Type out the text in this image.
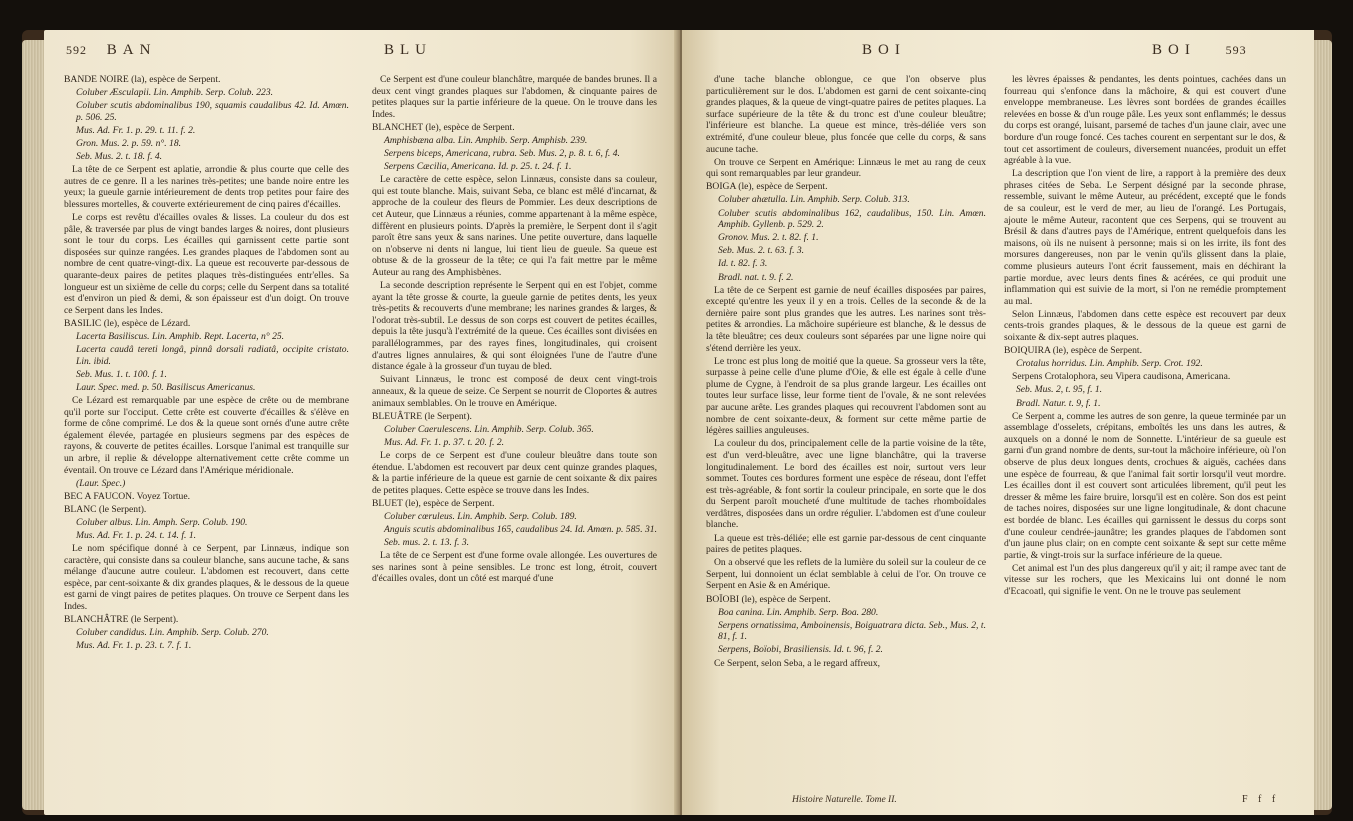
592 BAN	BLU

BANDE NOIRE (la), espèce de Serpent.

Coluber Æsculapii. Lin. Amphib. Serp. Colub. 223.

Coluber scutis abdominalibus 190, squamis caudalibus 42. Id. Amœn. p. 506. 25.

Mus. Ad. Fr. 1. p. 29. t. 11. f. 2.

Gron. Mus. 2. p. 59. n°. 18.

Seb. Mus. 2. t. 18. f. 4.

La tête de ce Serpent est aplatie, arrondie & plus courte que celle des autres de ce genre. Il a les narines très-petites; une bande noire entre les yeux; la gueule garnie intérieurement de dents trop petites pour faire des blessures mortelles, & couverte extérieurement de cinq paires d'écailles.

Le corps est revêtu d'écailles ovales & lisses. La couleur du dos est pâle, & traversée par plus de vingt bandes larges & noires, dont plusieurs sont le tour du corps. Les écailles qui garnissent cette partie sont disposées sur quinze rangées. Les grandes plaques de l'abdomen sont au nombre de cent quatre-vingt-dix. La queue est recouverte par-dessous de quarante-deux paires de petites plaques très-distinguées entr'elles. Sa longueur est un sixième de celle du corps; celle du Serpent dans sa totalité est d'environ un pied & demi, & son épaisseur est d'un doigt. On trouve ce Serpent dans les Indes.

BASILIC (le), espèce de Lézard.

Lacerta Basiliscus. Lin. Amphib. Rept. Lacerta, n° 25.

Lacerta caudâ tereti longâ, pinnâ dorsali radiatâ, occipite cristato. Lin. ibid.

Seb. Mus. 1. t. 100. f. 1.

Laur. Spec. med. p. 50. Basiliscus Americanus.

Ce Lézard est remarquable par une espèce de crête ou de membrane qu'il porte sur l'occiput. Cette crête est couverte d'écailles & s'élève en forme de cône comprimé. Le dos & la queue sont ornés d'une autre crête également élevée, partagée en plusieurs segmens par des espèces de rayons, & couverte de petites écailles. Lorsque l'animal est tranquille sur un arbre, il replie & développe alternativement cette crête comme un éventail. On trouve ce Lézard dans l'Amérique méridionale.

(Laur. Spec.)

BEC A FAUCON. Voyez Tortue.

BLANC (le Serpent).

Coluber albus. Lin. Amph. Serp. Colub. 190.

Mus. Ad. Fr. 1. p. 24. t. 14. f. 1.

Le nom spécifique donné à ce Serpent, par Linnæus, indique son caractère, qui consiste dans sa couleur blanche, sans aucune tache, & sans mélange d'aucune autre couleur. L'abdomen est recouvert, dans cette espèce, par cent-soixante & dix grandes plaques, & le dessous de la queue est garni de vingt paires de petites plaques. On trouve ce Serpent dans les Indes.

BLANCHÂTRE (le Serpent).

Coluber candidus. Lin. Amphib. Serp. Colub. 270.

Mus. Ad. Fr. 1. p. 23. t. 7. f. 1.

Ce Serpent est d'une couleur blanchâtre, marquée de bandes brunes. Il a deux cent vingt grandes plaques sur l'abdomen, & cinquante paires de petites plaques sur la partie inférieure de la queue. On le trouve dans les Indes.

BLANCHET (le), espèce de Serpent.

Amphisbæna alba. Lin. Amphib. Serp. Amphisb. 239.

Serpens biceps, Americana, rubra. Seb. Mus. 2, p. 8. t. 6, f. 4.

Serpens Cæcilia, Americana. Id. p. 25. t. 24. f. 1.

Le caractère de cette espèce, selon Linnæus, consiste dans sa couleur, qui est toute blanche. Mais, suivant Seba, ce blanc est mêlé d'incarnat, & approche de la couleur des fleurs de Pommier. Les deux descriptions de cet Auteur, que Linnæus a réunies, comme appartenant à la même espèce, diffèrent en plusieurs points. D'après la première, le Serpent dont il s'agit paroît être sans yeux & sans narines. Une petite ouverture, dans laquelle on n'observe ni dents ni langue, lui tient lieu de gueule. Sa queue est obtuse & de la grosseur de la tête; ce qui l'a fait mettre par le même Auteur au rang des Amphisbènes.

La seconde description représente le Serpent qui en est l'objet, comme ayant la tête grosse & courte, la gueule garnie de petites dents, les yeux très-petits & recouverts d'une membrane; les narines grandes & larges, & l'odorat très-subtil. Le dessus de son corps est couvert de petites écailles, depuis la tête jusqu'à l'extrémité de la queue. Ces écailles sont divisées en parallélogrammes, par des rayes fines, longitudinales, qui croisent d'autres lignes annulaires, & qui sont éloignées l'une de l'autre d'une distance égale à la grosseur d'un tuyau de bled.

Suivant Linnæus, le tronc est composé de deux cent vingt-trois anneaux, & la queue de seize. Ce Serpent se nourrit de Cloportes & autres animaux semblables. On le trouve en Amérique.

BLEUÂTRE (le Serpent).

Coluber Caerulescens. Lin. Amphib. Serp. Colub. 365.

Mus. Ad. Fr. 1. p. 37. t. 20. f. 2.

Le corps de ce Serpent est d'une couleur bleuâtre dans toute son étendue. L'abdomen est recouvert par deux cent quinze grandes plaques, & la partie inférieure de la queue est garnie de cent soixante & dix paires de petites plaques. Cette espèce se trouve dans les Indes.

BLUET (le), espèce de Serpent.

Coluber cœruleus. Lin. Amphib. Serp. Colub. 189.

Anguis scutis abdominalibus 165, caudalibus 24. Id. Amœn. p. 585. 31.

Seb. mus. 2. t. 13. f. 3.

La tête de ce Serpent est d'une forme ovale allongée. Les ouvertures de ses narines sont à peine sensibles. Le tronc est long, étroit, couvert d'écailles ovales, dont un côté est marqué d'une

BOI	BOI 593

d'une tache blanche oblongue, ce que l'on observe plus particulièrement sur le dos. L'abdomen est garni de cent soixante-cinq grandes plaques, & la queue de vingt-quatre paires de petites plaques. La surface supérieure de la tête & du tronc est d'une couleur bleuâtre; l'inférieure est blanche. La queue est mince, très-déliée vers son extrémité, d'une couleur bleue, plus foncée que celle du corps, & sans aucune tache.

On trouve ce Serpent en Amérique: Linnæus le met au rang de ceux qui sont remarquables par leur grandeur.

BOIGA (le), espèce de Serpent.

Coluber ahætulla. Lin. Amphib. Serp. Colub. 313.

Coluber scutis abdominalibus 162, caudalibus, 150. Lin. Amœn. Amphib. Gyllenb. p. 529. 2.

Gronov. Mus. 2. t. 82. f. 1.

Seb. Mus. 2. t. 63. f. 3.

Id. t. 82. f. 3.

Bradl. nat. t. 9. f. 2.

La tête de ce Serpent est garnie de neuf écailles disposées par paires, excepté qu'entre les yeux il y en a trois. Celles de la seconde & de la dernière paire sont plus grandes que les autres. Les narines sont très-petites & arrondies. La mâchoire supérieure est blanche, & le dessus de la tête bleuâtre; ces deux couleurs sont séparées par une ligne noire qui s'étend derrière les yeux.

Le tronc est plus long de moitié que la queue. Sa grosseur vers la tête, surpasse à peine celle d'une plume d'Oie, & elle est égale à celle d'une plume de Cygne, à l'endroit de sa plus grande largeur. Les écailles ont toutes leur surface lisse, leur forme tient de l'ovale, & ne sont relevées par aucune arête. Les grandes plaques qui recouvrent l'abdomen sont au nombre de cent soixante-deux, & forment sur cette même partie de légères saillies anguleuses.

La couleur du dos, principalement celle de la partie voisine de la tête, est d'un verd-bleuâtre, avec une ligne blanchâtre, qui la traverse longitudinalement. Le bord des écailles est noir, surtout vers leur sommet. Toutes ces bordures forment une espèce de réseau, dont l'effet est très-agréable, & font sortir la couleur principale, en sorte que le dos du Serpent paroît moucheté d'une multitude de taches rhomboïdales verdâtres, disposées dans un ordre régulier. L'abdomen est d'une couleur blanche.

La queue est très-déliée; elle est garnie par-dessous de cent cinquante paires de petites plaques.

On a observé que les reflets de la lumière du soleil sur la couleur de ce Serpent, lui donnoient un éclat semblable à celui de l'or. On trouve ce Serpent en Asie & en Amérique.

BOÏOBI (le), espèce de Serpent.

Boa canina. Lin. Amphib. Serp. Boa. 280.

Serpens ornatissima, Amboinensis, Boiguatrara dicta. Seb., Mus. 2, t. 81, f. 1.

Serpens, Boïobi, Brasiliensis. Id. t. 96, f. 2.

Ce Serpent, selon Seba, a le regard affreux,

les lèvres épaisses & pendantes, les dents pointues, cachées dans un fourreau qui s'enfonce dans la mâchoire, & qui est couvert d'une enveloppe membraneuse. Les lèvres sont bordées de grandes écailles relevées en bosse & d'un rouge pâle. Les yeux sont enflammés; le dessus du corps est orangé, luisant, parsemé de taches d'un jaune clair, avec une bordure d'un rouge foncé. Ces taches courent en serpentant sur le dos, & tout cet assortiment de couleurs, diversement nuancées, produit un effet agréable à la vue.

La description que l'on vient de lire, a rapport à la première des deux phrases citées de Seba. Le Serpent désigné par la seconde phrase, ressemble, suivant le même Auteur, au précédent, excepté que le fonds de sa couleur, est le verd de mer, au lieu de l'orangé. Les Portugais, ajoute le même Auteur, racontent que ces Serpens, qui se trouvent au Brésil & dans d'autres pays de l'Amérique, entrent quelquefois dans les maisons, où ils ne nuisent à personne; mais si on les irrite, ils font des morsures dangereuses, non par le venin qu'ils glissent dans la plaie, comme plusieurs auteurs l'ont écrit faussement, mais en déchirant la partie mordue, avec leurs dents fines & acérées, ce qui produit une inflammation qui est suivie de la mort, si l'on ne remédie promptement au mal.

Selon Linnæus, l'abdomen dans cette espèce est recouvert par deux cents-trois grandes plaques, & le dessous de la queue est garni de soixante & dix-sept autres plaques.

BOIQUIRA (le), espèce de Serpent.

Crotalus horridus. Lin. Amphib. Serp. Crot. 192.

Serpens Crotalophora, seu Vipera caudisona, Americana.

Seb. Mus. 2, t. 95, f. 1.

Bradl. Natur. t. 9, f. 1.

Ce Serpent a, comme les autres de son genre, la queue terminée par un assemblage d'osselets, crépitans, emboîtés les uns dans les autres, & auxquels on a donné le nom de Sonnette. L'intérieur de sa gueule est garni d'un grand nombre de dents, sur-tout la mâchoire inférieure, où l'on observe de plus deux longues dents, crochues & aiguës, cachées dans une espèce de fourreau, & que l'animal fait sortir lorsqu'il veut mordre. Les écailles dont il est couvert sont articulées librement, qu'il peut les dresser & même les faire bruire, lorsqu'il est en colère. Son dos est peint de taches noires, disposées sur une ligne longitudinale, & dont chacune est bordée de blanc. Les écailles qui garnissent le dessus du corps sont d'une couleur cendrée-jaunâtre; les grandes plaques de l'abdomen sont d'un jaune plus clair; on en compte cent soixante & sept sur cette même partie, & vingt-trois sur la surface inférieure de la queue.

Cet animal est l'un des plus dangereux qu'il y ait; il rampe avec tant de vitesse sur les rochers, que les Mexicains lui ont donné le nom d'Ecacoatl, qui signifie le vent. On ne le trouve pas seulement

Histoire Naturelle. Tome II.	F f f
